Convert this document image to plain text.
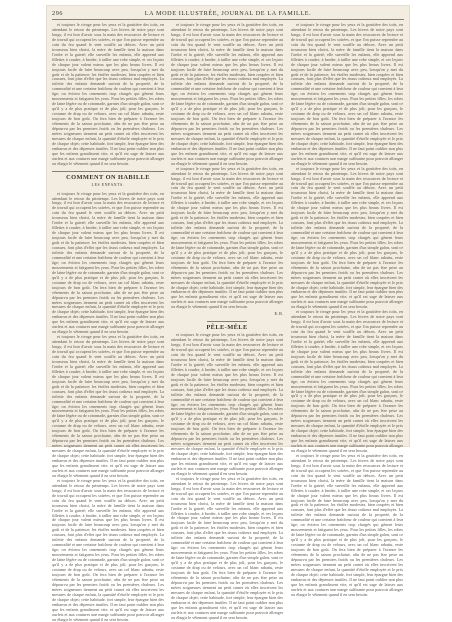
296	LA MODE ILLUSTRÉE, JOURNAL DE LA FAMILLE.

et toujours le rivage pour les yeux et la gouttière des toits, en attendant le retour du printemps. Les hivers de notre pays sont longs; il est bon d'avoir sous la main des ressources de lecture et de travail qui occupent les soirées, et que l'on puisse reprendre au coin du feu quand le vent souffle au dehors. Avec un petit trousseau bien choisi, la mère de famille tient la maison dans l'ordre et la gaieté; elle surveille les enfants, elle apprend aux fillettes à coudre, à broder, à tailler une robe simple, et ces leçons de chaque jour valent mieux que les plus beaux livres. Il est toujours facile de faire beaucoup avec peu, lorsqu'on y met du goût et de la patience; les étoffes modestes, bien coupées et bien cousues, font plus d'effet que les tissus coûteux mal employés. La toilette des enfants demande surtout de la propreté, de la commodité et une certaine fraîcheur de couleur qui convient à leur âge; on évitera les ornements trop chargés qui gênent leurs mouvements et fatiguent les yeux. Pour les petites filles, les robes de laine légère ou de cotonnade, garnies d'un simple galon, sont ce qu'il y a de plus pratique et de plus joli; pour les garçons, le costume de drap ou de velours, avec un col blanc rabattu, reste toujours de bon goût. On fera bien de préparer à l'avance les vêtements de la saison prochaine, afin de ne pas être prise au dépourvu par les premiers froids ou les premières chaleurs. Les mères soigneuses tiennent un petit carnet où elles inscrivent les mesures de chaque enfant, la quantité d'étoffe employée et le prix de chaque objet; cette habitude, fort simple, leur épargne bien des embarras et des dépenses inutiles. Il ne faut point oublier non plus que les enfants grandissent vite, et qu'il est sage de laisser aux ourlets et aux coutures une marge suffisante pour pouvoir allonger ou élargir le vêtement quand il en sera besoin.

COMMENT ON HABILLE
LES ENFANTS.

et toujours le rivage pour les yeux et la gouttière des toits, en attendant le retour du printemps. Les hivers de notre pays sont longs; il est bon d'avoir sous la main des ressources de lecture et de travail qui occupent les soirées, et que l'on puisse reprendre au coin du feu quand le vent souffle au dehors. Avec un petit trousseau bien choisi, la mère de famille tient la maison dans l'ordre et la gaieté; elle surveille les enfants, elle apprend aux fillettes à coudre, à broder, à tailler une robe simple, et ces leçons de chaque jour valent mieux que les plus beaux livres. Il est toujours facile de faire beaucoup avec peu, lorsqu'on y met du goût et de la patience; les étoffes modestes, bien coupées et bien cousues, font plus d'effet que les tissus coûteux mal employés. La toilette des enfants demande surtout de la propreté, de la commodité et une certaine fraîcheur de couleur qui convient à leur âge; on évitera les ornements trop chargés qui gênent leurs mouvements et fatiguent les yeux. Pour les petites filles, les robes de laine légère ou de cotonnade, garnies d'un simple galon, sont ce qu'il y a de plus pratique et de plus joli; pour les garçons, le costume de drap ou de velours, avec un col blanc rabattu, reste toujours de bon goût. On fera bien de préparer à l'avance les vêtements de la saison prochaine, afin de ne pas être prise au dépourvu par les premiers froids ou les premières chaleurs. Les mères soigneuses tiennent un petit carnet où elles inscrivent les mesures de chaque enfant, la quantité d'étoffe employée et le prix de chaque objet; cette habitude, fort simple, leur épargne bien des embarras et des dépenses inutiles. Il ne faut point oublier non plus que les enfants grandissent vite, et qu'il est sage de laisser aux ourlets et aux coutures une marge suffisante pour pouvoir allonger ou élargir le vêtement quand il en sera besoin.

et toujours le rivage pour les yeux et la gouttière des toits, en attendant le retour du printemps. Les hivers de notre pays sont longs; il est bon d'avoir sous la main des ressources de lecture et de travail qui occupent les soirées, et que l'on puisse reprendre au coin du feu quand le vent souffle au dehors. Avec un petit trousseau bien choisi, la mère de famille tient la maison dans l'ordre et la gaieté; elle surveille les enfants, elle apprend aux fillettes à coudre, à broder, à tailler une robe simple, et ces leçons de chaque jour valent mieux que les plus beaux livres. Il est toujours facile de faire beaucoup avec peu, lorsqu'on y met du goût et de la patience; les étoffes modestes, bien coupées et bien cousues, font plus d'effet que les tissus coûteux mal employés. La toilette des enfants demande surtout de la propreté, de la commodité et une certaine fraîcheur de couleur qui convient à leur âge; on évitera les ornements trop chargés qui gênent leurs mouvements et fatiguent les yeux. Pour les petites filles, les robes de laine légère ou de cotonnade, garnies d'un simple galon, sont ce qu'il y a de plus pratique et de plus joli; pour les garçons, le costume de drap ou de velours, avec un col blanc rabattu, reste toujours de bon goût. On fera bien de préparer à l'avance les vêtements de la saison prochaine, afin de ne pas être prise au dépourvu par les premiers froids ou les premières chaleurs. Les mères soigneuses tiennent un petit carnet où elles inscrivent les mesures de chaque enfant, la quantité d'étoffe employée et le prix de chaque objet; cette habitude, fort simple, leur épargne bien des embarras et des dépenses inutiles. Il ne faut point oublier non plus que les enfants grandissent vite, et qu'il est sage de laisser aux ourlets et aux coutures une marge suffisante pour pouvoir allonger ou élargir le vêtement quand il en sera besoin.

et toujours le rivage pour les yeux et la gouttière des toits, en attendant le retour du printemps. Les hivers de notre pays sont longs; il est bon d'avoir sous la main des ressources de lecture et de travail qui occupent les soirées, et que l'on puisse reprendre au coin du feu quand le vent souffle au dehors. Avec un petit trousseau bien choisi, la mère de famille tient la maison dans l'ordre et la gaieté; elle surveille les enfants, elle apprend aux fillettes à coudre, à broder, à tailler une robe simple, et ces leçons de chaque jour valent mieux que les plus beaux livres. Il est toujours facile de faire beaucoup avec peu, lorsqu'on y met du goût et de la patience; les étoffes modestes, bien coupées et bien cousues, font plus d'effet que les tissus coûteux mal employés. La toilette des enfants demande surtout de la propreté, de la commodité et une certaine fraîcheur de couleur qui convient à leur âge; on évitera les ornements trop chargés qui gênent leurs mouvements et fatiguent les yeux. Pour les petites filles, les robes de laine légère ou de cotonnade, garnies d'un simple galon, sont ce qu'il y a de plus pratique et de plus joli; pour les garçons, le costume de drap ou de velours, avec un col blanc rabattu, reste toujours de bon goût. On fera bien de préparer à l'avance les vêtements de la saison prochaine, afin de ne pas être prise au dépourvu par les premiers froids ou les premières chaleurs. Les mères soigneuses tiennent un petit carnet où elles inscrivent les mesures de chaque enfant, la quantité d'étoffe employée et le prix de chaque objet; cette habitude, fort simple, leur épargne bien des embarras et des dépenses inutiles. Il ne faut point oublier non plus que les enfants grandissent vite, et qu'il est sage de laisser aux ourlets et aux coutures une marge suffisante pour pouvoir allonger ou élargir le vêtement quand il en sera besoin.

et toujours le rivage pour les yeux et la gouttière des toits, en attendant le retour du printemps. Les hivers de notre pays sont longs; il est bon d'avoir sous la main des ressources de lecture et de travail qui occupent les soirées, et que l'on puisse reprendre au coin du feu quand le vent souffle au dehors. Avec un petit trousseau bien choisi, la mère de famille tient la maison dans l'ordre et la gaieté; elle surveille les enfants, elle apprend aux fillettes à coudre, à broder, à tailler une robe simple, et ces leçons de chaque jour valent mieux que les plus beaux livres. Il est toujours facile de faire beaucoup avec peu, lorsqu'on y met du goût et de la patience; les étoffes modestes, bien coupées et bien cousues, font plus d'effet que les tissus coûteux mal employés. La toilette des enfants demande surtout de la propreté, de la commodité et une certaine fraîcheur de couleur qui convient à leur âge; on évitera les ornements trop chargés qui gênent leurs mouvements et fatiguent les yeux. Pour les petites filles, les robes de laine légère ou de cotonnade, garnies d'un simple galon, sont ce qu'il y a de plus pratique et de plus joli; pour les garçons, le costume de drap ou de velours, avec un col blanc rabattu, reste toujours de bon goût. On fera bien de préparer à l'avance les vêtements de la saison prochaine, afin de ne pas être prise au dépourvu par les premiers froids ou les premières chaleurs. Les mères soigneuses tiennent un petit carnet où elles inscrivent les mesures de chaque enfant, la quantité d'étoffe employée et le prix de chaque objet; cette habitude, fort simple, leur épargne bien des embarras et des dépenses inutiles. Il ne faut point oublier non plus que les enfants grandissent vite, et qu'il est sage de laisser aux ourlets et aux coutures une marge suffisante pour pouvoir allonger ou élargir le vêtement quand il en sera besoin.

et toujours le rivage pour les yeux et la gouttière des toits, en attendant le retour du printemps. Les hivers de notre pays sont longs; il est bon d'avoir sous la main des ressources de lecture et de travail qui occupent les soirées, et que l'on puisse reprendre au coin du feu quand le vent souffle au dehors. Avec un petit trousseau bien choisi, la mère de famille tient la maison dans l'ordre et la gaieté; elle surveille les enfants, elle apprend aux fillettes à coudre, à broder, à tailler une robe simple, et ces leçons de chaque jour valent mieux que les plus beaux livres. Il est toujours facile de faire beaucoup avec peu, lorsqu'on y met du goût et de la patience; les étoffes modestes, bien coupées et bien cousues, font plus d'effet que les tissus coûteux mal employés. La toilette des enfants demande surtout de la propreté, de la commodité et une certaine fraîcheur de couleur qui convient à leur âge; on évitera les ornements trop chargés qui gênent leurs mouvements et fatiguent les yeux. Pour les petites filles, les robes de laine légère ou de cotonnade, garnies d'un simple galon, sont ce qu'il y a de plus pratique et de plus joli; pour les garçons, le costume de drap ou de velours, avec un col blanc rabattu, reste toujours de bon goût. On fera bien de préparer à l'avance les vêtements de la saison prochaine, afin de ne pas être prise au dépourvu par les premiers froids ou les premières chaleurs. Les mères soigneuses tiennent un petit carnet où elles inscrivent les mesures de chaque enfant, la quantité d'étoffe employée et le prix de chaque objet; cette habitude, fort simple, leur épargne bien des embarras et des dépenses inutiles. Il ne faut point oublier non plus que les enfants grandissent vite, et qu'il est sage de laisser aux ourlets et aux coutures une marge suffisante pour pouvoir allonger ou élargir le vêtement quand il en sera besoin.

E. R.
PÊLE-MÊLE

et toujours le rivage pour les yeux et la gouttière des toits, en attendant le retour du printemps. Les hivers de notre pays sont longs; il est bon d'avoir sous la main des ressources de lecture et de travail qui occupent les soirées, et que l'on puisse reprendre au coin du feu quand le vent souffle au dehors. Avec un petit trousseau bien choisi, la mère de famille tient la maison dans l'ordre et la gaieté; elle surveille les enfants, elle apprend aux fillettes à coudre, à broder, à tailler une robe simple, et ces leçons de chaque jour valent mieux que les plus beaux livres. Il est toujours facile de faire beaucoup avec peu, lorsqu'on y met du goût et de la patience; les étoffes modestes, bien coupées et bien cousues, font plus d'effet que les tissus coûteux mal employés. La toilette des enfants demande surtout de la propreté, de la commodité et une certaine fraîcheur de couleur qui convient à leur âge; on évitera les ornements trop chargés qui gênent leurs mouvements et fatiguent les yeux. Pour les petites filles, les robes de laine légère ou de cotonnade, garnies d'un simple galon, sont ce qu'il y a de plus pratique et de plus joli; pour les garçons, le costume de drap ou de velours, avec un col blanc rabattu, reste toujours de bon goût. On fera bien de préparer à l'avance les vêtements de la saison prochaine, afin de ne pas être prise au dépourvu par les premiers froids ou les premières chaleurs. Les mères soigneuses tiennent un petit carnet où elles inscrivent les mesures de chaque enfant, la quantité d'étoffe employée et le prix de chaque objet; cette habitude, fort simple, leur épargne bien des embarras et des dépenses inutiles. Il ne faut point oublier non plus que les enfants grandissent vite, et qu'il est sage de laisser aux ourlets et aux coutures une marge suffisante pour pouvoir allonger ou élargir le vêtement quand il en sera besoin.

et toujours le rivage pour les yeux et la gouttière des toits, en attendant le retour du printemps. Les hivers de notre pays sont longs; il est bon d'avoir sous la main des ressources de lecture et de travail qui occupent les soirées, et que l'on puisse reprendre au coin du feu quand le vent souffle au dehors. Avec un petit trousseau bien choisi, la mère de famille tient la maison dans l'ordre et la gaieté; elle surveille les enfants, elle apprend aux fillettes à coudre, à broder, à tailler une robe simple, et ces leçons de chaque jour valent mieux que les plus beaux livres. Il est toujours facile de faire beaucoup avec peu, lorsqu'on y met du goût et de la patience; les étoffes modestes, bien coupées et bien cousues, font plus d'effet que les tissus coûteux mal employés. La toilette des enfants demande surtout de la propreté, de la commodité et une certaine fraîcheur de couleur qui convient à leur âge; on évitera les ornements trop chargés qui gênent leurs mouvements et fatiguent les yeux. Pour les petites filles, les robes de laine légère ou de cotonnade, garnies d'un simple galon, sont ce qu'il y a de plus pratique et de plus joli; pour les garçons, le costume de drap ou de velours, avec un col blanc rabattu, reste toujours de bon goût. On fera bien de préparer à l'avance les vêtements de la saison prochaine, afin de ne pas être prise au dépourvu par les premiers froids ou les premières chaleurs. Les mères soigneuses tiennent un petit carnet où elles inscrivent les mesures de chaque enfant, la quantité d'étoffe employée et le prix de chaque objet; cette habitude, fort simple, leur épargne bien des embarras et des dépenses inutiles. Il ne faut point oublier non plus que les enfants grandissent vite, et qu'il est sage de laisser aux ourlets et aux coutures une marge suffisante pour pouvoir allonger ou élargir le vêtement quand il en sera besoin.

et toujours le rivage pour les yeux et la gouttière des toits, en attendant le retour du printemps. Les hivers de notre pays sont longs; il est bon d'avoir sous la main des ressources de lecture et de travail qui occupent les soirées, et que l'on puisse reprendre au coin du feu quand le vent souffle au dehors. Avec un petit trousseau bien choisi, la mère de famille tient la maison dans l'ordre et la gaieté; elle surveille les enfants, elle apprend aux fillettes à coudre, à broder, à tailler une robe simple, et ces leçons de chaque jour valent mieux que les plus beaux livres. Il est toujours facile de faire beaucoup avec peu, lorsqu'on y met du goût et de la patience; les étoffes modestes, bien coupées et bien cousues, font plus d'effet que les tissus coûteux mal employés. La toilette des enfants demande surtout de la propreté, de la commodité et une certaine fraîcheur de couleur qui convient à leur âge; on évitera les ornements trop chargés qui gênent leurs mouvements et fatiguent les yeux. Pour les petites filles, les robes de laine légère ou de cotonnade, garnies d'un simple galon, sont ce qu'il y a de plus pratique et de plus joli; pour les garçons, le costume de drap ou de velours, avec un col blanc rabattu, reste toujours de bon goût. On fera bien de préparer à l'avance les vêtements de la saison prochaine, afin de ne pas être prise au dépourvu par les premiers froids ou les premières chaleurs. Les mères soigneuses tiennent un petit carnet où elles inscrivent les mesures de chaque enfant, la quantité d'étoffe employée et le prix de chaque objet; cette habitude, fort simple, leur épargne bien des embarras et des dépenses inutiles. Il ne faut point oublier non plus que les enfants grandissent vite, et qu'il est sage de laisser aux ourlets et aux coutures une marge suffisante pour pouvoir allonger ou élargir le vêtement quand il en sera besoin.

et toujours le rivage pour les yeux et la gouttière des toits, en attendant le retour du printemps. Les hivers de notre pays sont longs; il est bon d'avoir sous la main des ressources de lecture et de travail qui occupent les soirées, et que l'on puisse reprendre au coin du feu quand le vent souffle au dehors. Avec un petit trousseau bien choisi, la mère de famille tient la maison dans l'ordre et la gaieté; elle surveille les enfants, elle apprend aux fillettes à coudre, à broder, à tailler une robe simple, et ces leçons de chaque jour valent mieux que les plus beaux livres. Il est toujours facile de faire beaucoup avec peu, lorsqu'on y met du goût et de la patience; les étoffes modestes, bien coupées et bien cousues, font plus d'effet que les tissus coûteux mal employés. La toilette des enfants demande surtout de la propreté, de la commodité et une certaine fraîcheur de couleur qui convient à leur âge; on évitera les ornements trop chargés qui gênent leurs mouvements et fatiguent les yeux. Pour les petites filles, les robes de laine légère ou de cotonnade, garnies d'un simple galon, sont ce qu'il y a de plus pratique et de plus joli; pour les garçons, le costume de drap ou de velours, avec un col blanc rabattu, reste toujours de bon goût. On fera bien de préparer à l'avance les vêtements de la saison prochaine, afin de ne pas être prise au dépourvu par les premiers froids ou les premières chaleurs. Les mères soigneuses tiennent un petit carnet où elles inscrivent les mesures de chaque enfant, la quantité d'étoffe employée et le prix de chaque objet; cette habitude, fort simple, leur épargne bien des embarras et des dépenses inutiles. Il ne faut point oublier non plus que les enfants grandissent vite, et qu'il est sage de laisser aux ourlets et aux coutures une marge suffisante pour pouvoir allonger ou élargir le vêtement quand il en sera besoin.

et toujours le rivage pour les yeux et la gouttière des toits, en attendant le retour du printemps. Les hivers de notre pays sont longs; il est bon d'avoir sous la main des ressources de lecture et de travail qui occupent les soirées, et que l'on puisse reprendre au coin du feu quand le vent souffle au dehors. Avec un petit trousseau bien choisi, la mère de famille tient la maison dans l'ordre et la gaieté; elle surveille les enfants, elle apprend aux fillettes à coudre, à broder, à tailler une robe simple, et ces leçons de chaque jour valent mieux que les plus beaux livres. Il est toujours facile de faire beaucoup avec peu, lorsqu'on y met du goût et de la patience; les étoffes modestes, bien coupées et bien cousues, font plus d'effet que les tissus coûteux mal employés. La toilette des enfants demande surtout de la propreté, de la commodité et une certaine fraîcheur de couleur qui convient à leur âge; on évitera les ornements trop chargés qui gênent leurs mouvements et fatiguent les yeux. Pour les petites filles, les robes de laine légère ou de cotonnade, garnies d'un simple galon, sont ce qu'il y a de plus pratique et de plus joli; pour les garçons, le costume de drap ou de velours, avec un col blanc rabattu, reste toujours de bon goût. On fera bien de préparer à l'avance les vêtements de la saison prochaine, afin de ne pas être prise au dépourvu par les premiers froids ou les premières chaleurs. Les mères soigneuses tiennent un petit carnet où elles inscrivent les mesures de chaque enfant, la quantité d'étoffe employée et le prix de chaque objet; cette habitude, fort simple, leur épargne bien des embarras et des dépenses inutiles. Il ne faut point oublier non plus que les enfants grandissent vite, et qu'il est sage de laisser aux ourlets et aux coutures une marge suffisante pour pouvoir allonger ou élargir le vêtement quand il en sera besoin.

et toujours le rivage pour les yeux et la gouttière des toits, en attendant le retour du printemps. Les hivers de notre pays sont longs; il est bon d'avoir sous la main des ressources de lecture et de travail qui occupent les soirées, et que l'on puisse reprendre au coin du feu quand le vent souffle au dehors. Avec un petit trousseau bien choisi, la mère de famille tient la maison dans l'ordre et la gaieté; elle surveille les enfants, elle apprend aux fillettes à coudre, à broder, à tailler une robe simple, et ces leçons de chaque jour valent mieux que les plus beaux livres. Il est toujours facile de faire beaucoup avec peu, lorsqu'on y met du goût et de la patience; les étoffes modestes, bien coupées et bien cousues, font plus d'effet que les tissus coûteux mal employés. La toilette des enfants demande surtout de la propreté, de la commodité et une certaine fraîcheur de couleur qui convient à leur âge; on évitera les ornements trop chargés qui gênent leurs mouvements et fatiguent les yeux. Pour les petites filles, les robes de laine légère ou de cotonnade, garnies d'un simple galon, sont ce qu'il y a de plus pratique et de plus joli; pour les garçons, le costume de drap ou de velours, avec un col blanc rabattu, reste toujours de bon goût. On fera bien de préparer à l'avance les vêtements de la saison prochaine, afin de ne pas être prise au dépourvu par les premiers froids ou les premières chaleurs. Les mères soigneuses tiennent un petit carnet où elles inscrivent les mesures de chaque enfant, la quantité d'étoffe employée et le prix de chaque objet; cette habitude, fort simple, leur épargne bien des embarras et des dépenses inutiles. Il ne faut point oublier non plus que les enfants grandissent vite, et qu'il est sage de laisser aux ourlets et aux coutures une marge suffisante pour pouvoir allonger ou élargir le vêtement quand il en sera besoin.
